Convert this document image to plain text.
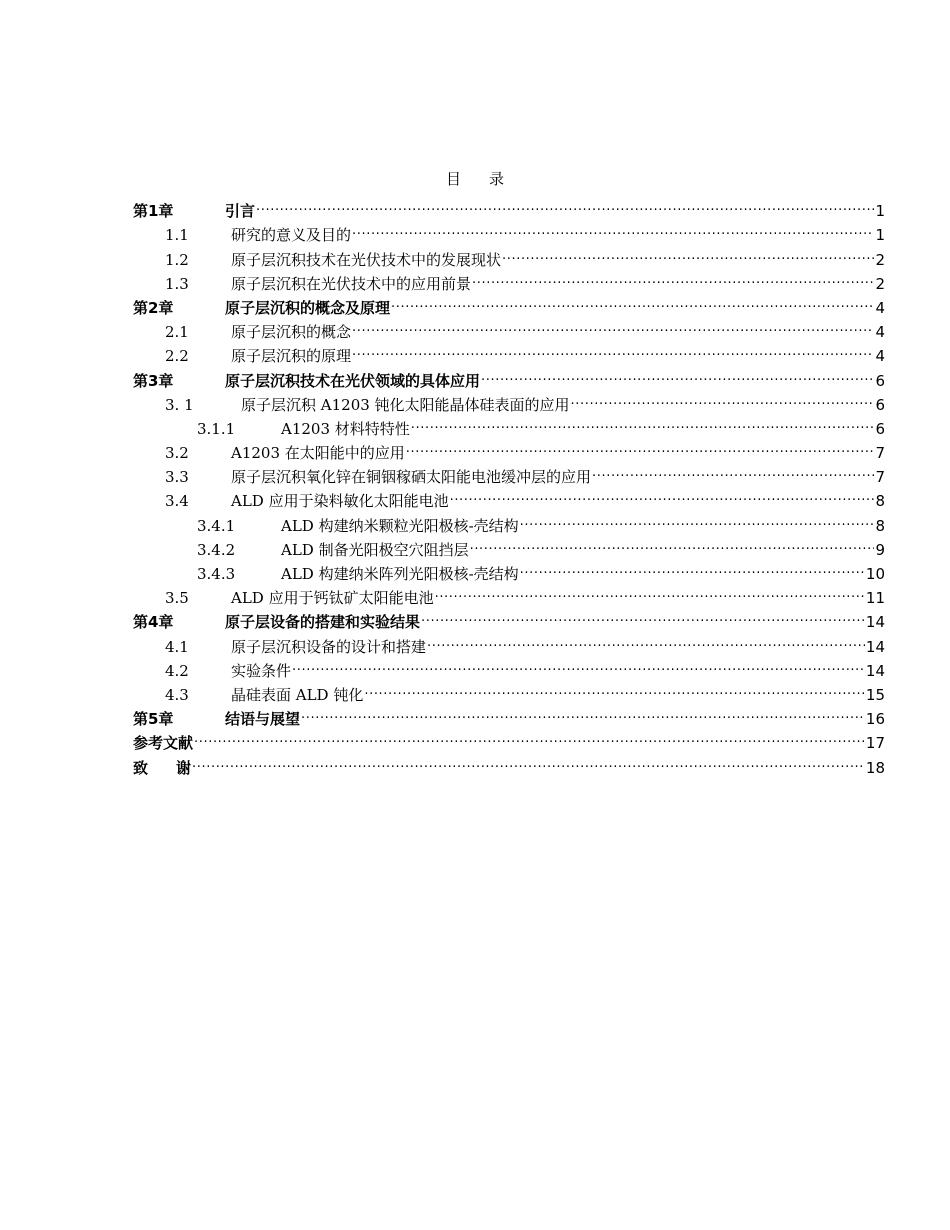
目 录
第1章	引言 .....	1
1.1	研究的意义及目的 .....	1
1.2	原子层沉积技术在光伏技术中的发展现状 .....	2
1.3	原子层沉积在光伏技术中的应用前景 .....	2
第2章	原子层沉积的概念及原理 .....	4
2.1	原子层沉积的概念 .....	4
2.2	原子层沉积的原理 .....	4
第3章	原子层沉积技术在光伏领域的具体应用 .....	6
3. 1	原子层沉积 A1203 钝化太阳能晶体硅表面的应用 .....	6
3.1.1	A1203 材料特特性 .....	6
3.2	A1203 在太阳能中的应用 .....	7
3.3	原子层沉积氧化锌在铜铟稼硒太阳能电池缓冲层的应用 .....	7
3.4	ALD 应用于染料敏化太阳能电池 .....	8
3.4.1	ALD 构建纳米颗粒光阳极核-壳结构 .....	8
3.4.2	ALD 制备光阳极空穴阻挡层 .....	9
3.4.3	ALD 构建纳米阵列光阳极核-壳结构 .....	10
3.5	ALD 应用于钙钛矿太阳能电池 .....	11
第4章	原子层设备的搭建和实验结果 .....	14
4.1	原子层沉积设备的设计和搭建 .....	14
4.2	实验条件 .....	14
4.3	晶硅表面 ALD 钝化 .....	15
第5章	结语与展望 .....	16
参考文献 .....	17
致 谢 .....	18
